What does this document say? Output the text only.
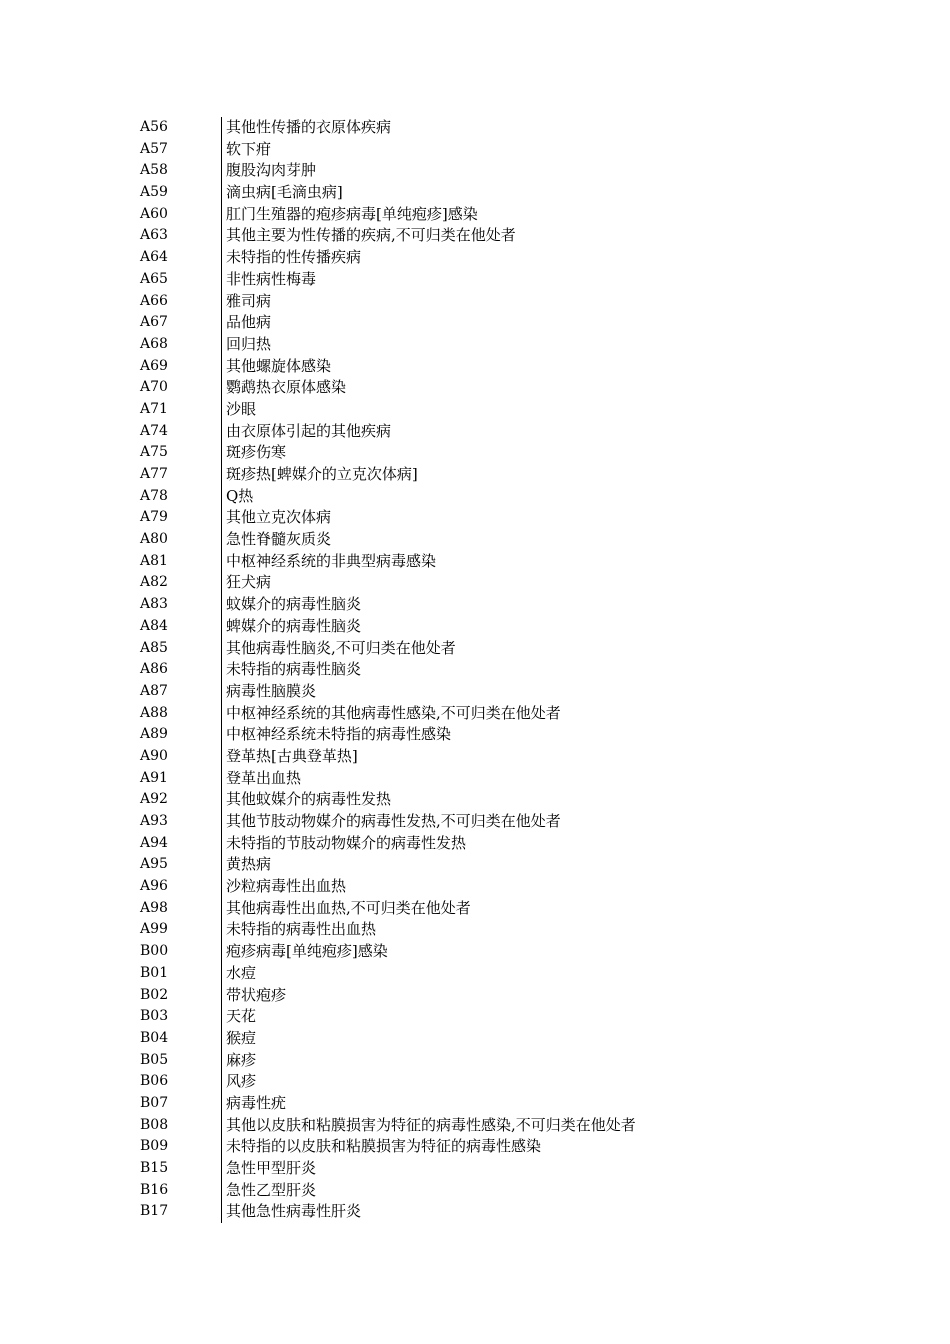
A56	其他性传播的衣原体疾病
A57	软下疳
A58	腹股沟肉芽肿
A59	滴虫病[毛滴虫病]
A60	肛门生殖器的疱疹病毒[单纯疱疹]感染
A63	其他主要为性传播的疾病,不可归类在他处者
A64	未特指的性传播疾病
A65	非性病性梅毒
A66	雅司病
A67	品他病
A68	回归热
A69	其他螺旋体感染
A70	鹦鹉热衣原体感染
A71	沙眼
A74	由衣原体引起的其他疾病
A75	斑疹伤寒
A77	斑疹热[蜱媒介的立克次体病]
A78	Q热
A79	其他立克次体病
A80	急性脊髓灰质炎
A81	中枢神经系统的非典型病毒感染
A82	狂犬病
A83	蚊媒介的病毒性脑炎
A84	蜱媒介的病毒性脑炎
A85	其他病毒性脑炎,不可归类在他处者
A86	未特指的病毒性脑炎
A87	病毒性脑膜炎
A88	中枢神经系统的其他病毒性感染,不可归类在他处者
A89	中枢神经系统未特指的病毒性感染
A90	登革热[古典登革热]
A91	登革出血热
A92	其他蚊媒介的病毒性发热
A93	其他节肢动物媒介的病毒性发热,不可归类在他处者
A94	未特指的节肢动物媒介的病毒性发热
A95	黄热病
A96	沙粒病毒性出血热
A98	其他病毒性出血热,不可归类在他处者
A99	未特指的病毒性出血热
B00	疱疹病毒[单纯疱疹]感染
B01	水痘
B02	带状疱疹
B03	天花
B04	猴痘
B05	麻疹
B06	风疹
B07	病毒性疣
B08	其他以皮肤和粘膜损害为特征的病毒性感染,不可归类在他处者
B09	未特指的以皮肤和粘膜损害为特征的病毒性感染
B15	急性甲型肝炎
B16	急性乙型肝炎
B17	其他急性病毒性肝炎
